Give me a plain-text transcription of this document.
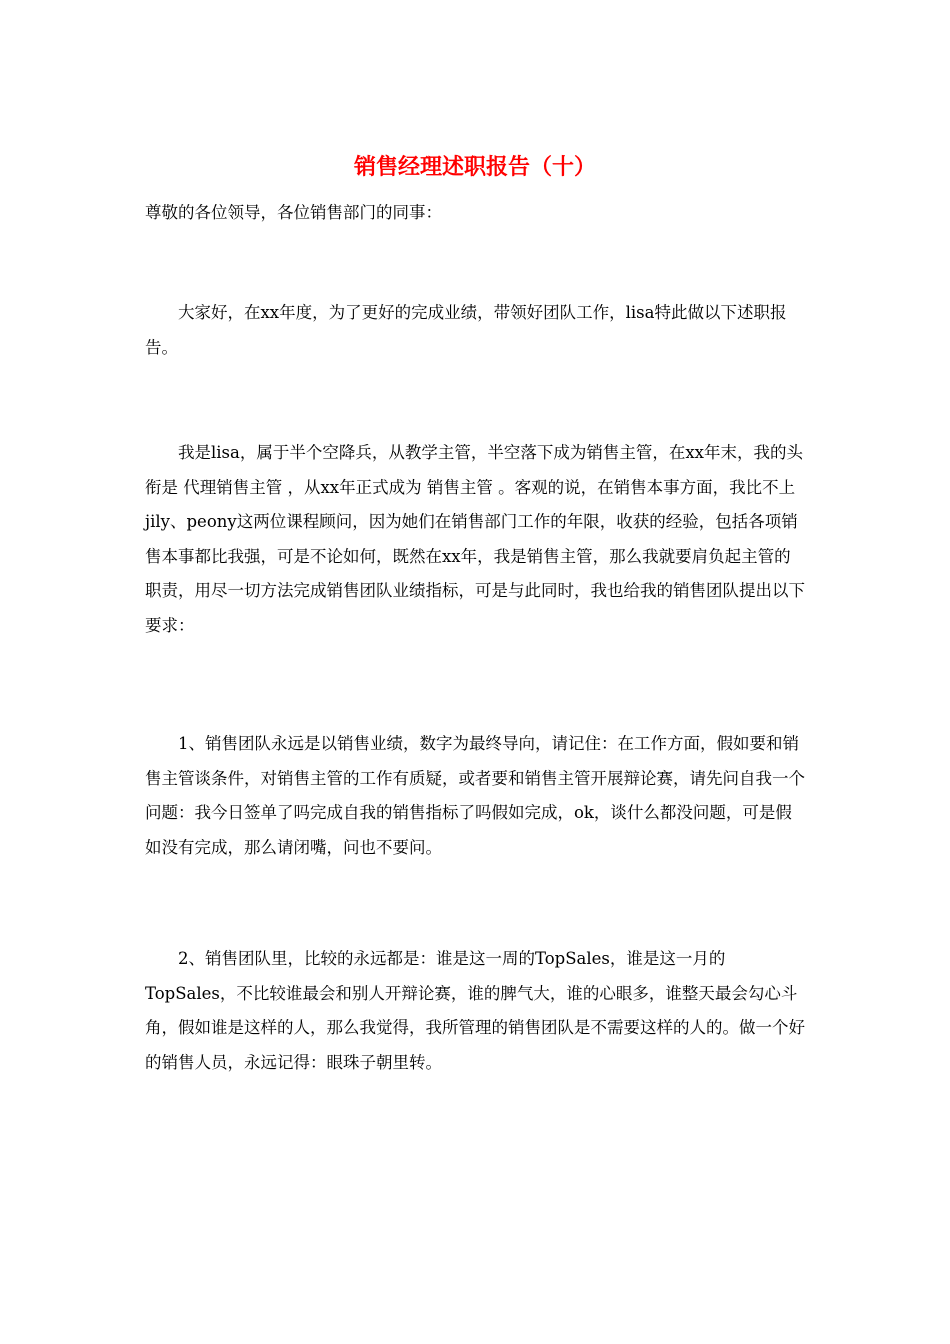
销售经理述职报告（十）

尊敬的各位领导，各位销售部门的同事：

大家好，在xx年度，为了更好的完成业绩，带领好团队工作，lisa特此做以下述职报告。

我是lisa，属于半个空降兵，从教学主管，半空落下成为销售主管，在xx年末，我的头衔是 代理销售主管 ，从xx年正式成为 销售主管 。客观的说，在销售本事方面，我比不上jily、peony这两位课程顾问，因为她们在销售部门工作的年限，收获的经验，包括各项销售本事都比我强，可是不论如何，既然在xx年，我是销售主管，那么我就要肩负起主管的职责，用尽一切方法完成销售团队业绩指标，可是与此同时，我也给我的销售团队提出以下要求：

1、销售团队永远是以销售业绩，数字为最终导向，请记住：在工作方面，假如要和销售主管谈条件，对销售主管的工作有质疑，或者要和销售主管开展辩论赛，请先问自我一个问题：我今日签单了吗完成自我的销售指标了吗假如完成，ok，谈什么都没问题，可是假如没有完成，那么请闭嘴，问也不要问。

2、销售团队里，比较的永远都是：谁是这一周的TopSales，谁是这一月的TopSales，不比较谁最会和别人开辩论赛，谁的脾气大，谁的心眼多，谁整天最会勾心斗角，假如谁是这样的人，那么我觉得，我所管理的销售团队是不需要这样的人的。做一个好的销售人员，永远记得：眼珠子朝里转。
